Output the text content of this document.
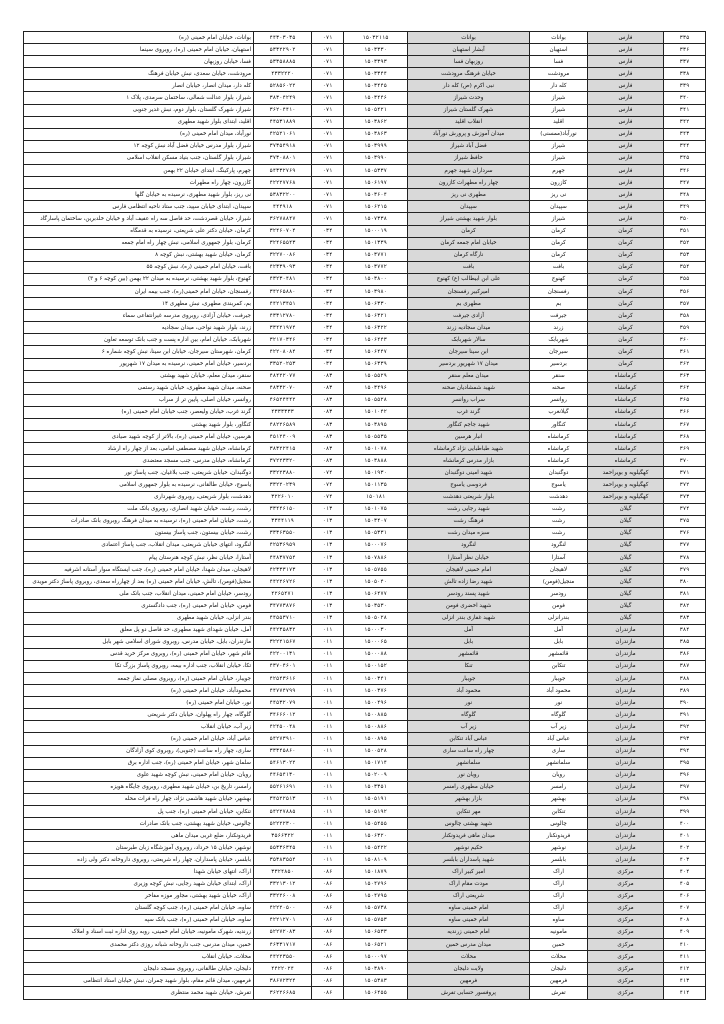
۳۳۵	فارس	بوانات	بوانات	۱۵۰۳۲۱۱۵	۰۷۱	۴۴۳۰۳۰۳۵	بوانات، خیابان امام خمینی (ره)
۳۳۶	فارس	استهبان	آبشار استهبان	۱۵۰۳۳۳۰	۰۷۱	۵۳۳۲۲۹۰۲	استهبان، خیابان امام خمینی (ره)، روبروی سینما
۳۳۷	فارس	فسا	روزبهان فسا	۱۵۰۳۳۹۳	۰۷۱	۵۳۳۵۸۸۸۵	فسا، خیابان روزبهان
۳۳۸	فارس	مرودشت	خیابان فرهنگ مرودشت	۱۵۰۳۳۴۴	۰۷۱	۴۳۳۲۲۲۰	مرودشت، خیابان سعدی، نبش خیابان فرهنگ
۳۳۹	فارس	کله دار	نبی اکرم (ص) کله دار	۱۵۰۳۴۴۵	۰۷۱	۵۲۸۵۶۰۲۲	کله دار، میدان انصار، خیابان انصار
۳۴۰	فارس	شیراز	وحدت شیراز	۱۵۰۳۴۴۶	۰۷۱	۳۸۳۰۴۲۴۹	شیراز، بلوار عدالت شمالی، ساختمان سرمدی، پلاک ۱
۳۴۱	فارس	شیراز	شهرک گلستان شیراز	۱۵۰۵۴۲۱	۰۷۱	۳۶۲۰۴۴۱۰	شیراز، شهرک گلستان، بلوار دوم، نبش غدیر جنوبی
۳۴۲	فارس	اقلید	انقلاب اقلید	۱۵۰۳۸۶۲	۰۷۱	۴۴۵۳۱۸۸۹	اقلید، ابتدای بلوار شهید مطهری
۳۴۳	فارس	نورآباد(ممسنی)	میدان آموزش و پرورش نورآباد	۱۵۰۳۸۶۳	۰۷۱	۴۲۵۲۱۰۶۱	نورآباد، میدان امام خمینی (ره)
۳۴۴	فارس	شیراز	فضل آباد شیراز	۱۵۰۳۹۹۹	۰۷۱	۳۷۳۵۴۹۱۸	شیراز، بلوار مدرس خیابان فضل آباد نبش کوچه ۱۲
۳۴۵	فارس	شیراز	حافظ شیراز	۱۵۰۳۹۹۰	۰۷۱	۳۷۳۰۸۸۰۱	شیراز، بلوار گلستان، جنب بنیاد مسکن انقلاب اسلامی
۳۴۶	فارس	جهرم	سرداران شهید جهرم	۱۵۰۵۳۳۷	۰۷۱	۵۴۳۳۲۷۶۹	جهرم، پارکینگ، ابتدای خیابان ۲۲ بهمن
۳۴۷	فارس	کازرون	چهار راه مطهرات کازرون	۱۵۰۶۱۹۷	۰۷۱	۴۲۲۲۷۷۶۸	کازرون، چهار راه مطهرات
۳۴۸	فارس	نی ریز	مطهری نی ریز	۱۵۰۳۶۰۴	۰۷۱	۵۳۸۳۲۲۰۰	نی ریز، بلوار شهید مطهری، نرسیده به خیابان گلها
۳۴۹	فارس	سپیدان	سپیدان	۱۵۰۶۲۱۵	۰۷۱	۴۴۴۹۱۸	سپیدان، ابتدای خیابان سپید، جنب ستاد ناحیه انتظامی فارس
۳۵۰	فارس	شیراز	بلوار شهید بهشتی شیراز	۱۵۰۷۳۳۸	۰۷۱	۳۶۲۷۸۸۴۷	شیراز، خیابان قصردشت، حد فاصل سه راه عفیف آباد و خیابان خلدبرین، ساختمان پاسارگاد
۳۵۱	کرمان	کرمان	کرمان	۱۵۰۰۰۱۹	۰۳۴	۳۲۴۶۰۷۰۴	کرمان، خیابان دکتر علی شریعتی، نرسیده به قدمگاه
۳۵۲	کرمان	کرمان	خیابان امام جمعه کرمان	۱۵۰۱۳۳۹	۰۳۴	۳۲۴۶۵۵۴۳	کرمان، بلوار جمهوری اسلامی، نبش چهار راه امام جمعه
۳۵۳	کرمان	کرمان	نارگاه کرمان	۱۵۰۳۷۷۱	۰۳۴	۳۲۲۷۰۰۸۶	کرمان، خیابان شهید بهشتی، نبش کوچه ۸
۳۵۴	کرمان	بافت	بافت	۱۵۰۳۷۷۲	۰۳۴	۴۲۳۳۹۰۹۳	بافت، خیابان امام خمینی (ره)، نبش کوچه ۵۵
۳۵۵	کرمان	کهنوج	علی ابن ابیطالب (ع) کهنوج	۱۵۰۳۸۰۰	۰۳۴	۴۳۲۳۰۴۸۱	کهنوج، بلوار شهید بهشتی، نرسیده به میدان ۲۲ بهمن (بین کوچه ۶ و ۳)
۳۵۶	کرمان	رفسنجان	امیرکبیر رفسنجان	۱۵۰۳۹۸۰	۰۳۴	۳۴۲۶۵۸۸۰	رفسنجان، خیابان امام خمینی(ره)، جنب بیمه ایران
۳۵۷	کرمان	بم	مطهری بم	۱۵۰۶۳۳۰	۰۳۴	۴۴۲۱۳۴۵۱	بم، کمربندی مطهری، نبش مطهری ۱۴
۳۵۸	کرمان	جیرفت	آزادی جیرفت	۱۵۰۶۳۲۱	۰۳۴	۴۳۳۱۲۷۸۰	جیرفت، خیابان آزادی، روبروی مدرسه غیرانتفاعی سماء
۳۵۹	کرمان	زرند	میدان سجادیه زرند	۱۵۰۶۳۲۲	۰۳۴	۳۳۴۲۱۹۷۴	زرند، بلوار شهید نواحی، میدان سجادیه
۳۶۰	کرمان	شهربابک	سالار شهربابک	۱۵۰۶۴۴۳	۰۳۴	۳۲۱۷۰۳۴۶	شهربابک، خیابان امام، بین اداره پست و جنب بانک توسعه تعاون
۳۶۱	کرمان	سیرجان	ابن سینا سیرجان	۱۵۰۶۴۴۷	۰۳۴	۴۲۲۰۸۰۸۴	کرمان، شهرستان سیرجان، خیابان ابن سینا، نبش کوچه شماره ۶
۳۶۲	کرمان	بردسیر	میدان ۱۷ شهریور بردسیر	۱۵۰۶۳۳۹	۰۳۴	۳۳۵۲۰۲۵۳	بردسیر، خیابان امام خمینی، نرسیده به میدان ۱۷ شهریور
۳۶۳	کرمانشاه	سنقر	میدان معلم سنقر	۱۵۰۵۵۲۹	۰۸۳	۴۸۴۲۲۰۷۷	سنقر، میدان معلم، خیابان شهید بهشتی
۳۶۴	کرمانشاه	صحنه	شهید شمشادیان صحنه	۱۵۰۳۴۹۶	۰۸۳	۴۸۳۳۲۰۷۰	صحنه، میدان شهید مطهری، خیابان شهید رستمی
۳۶۵	کرمانشاه	روانسر	سراب روانسر	۱۵۰۵۵۲۸	۰۸۳	۴۶۵۲۴۴۴۲	روانسر، خیابان اصلی، پایین تر از سراب
۳۶۶	کرمانشاه	گیلانغرب	گرند غرب	۱۵۰۱۰۴۲	۰۸۳	۴۳۳۳۳۳۳	گرند غرب، خیابان ولیعصر، جنب خیابان امام خمینی (ره)
۳۶۷	کرمانشاه	کنگاور	شهید جاجم کنگاور	۱۵۰۳۸۹۵	۰۸۳	۴۸۲۲۶۵۸۹	کنگاور، بلوار شهید بهشتی
۳۶۸	کرمانشاه	کرمانشاه	انبار هرسین	۱۵۰۵۵۳۵	۰۸۳	۴۵۱۲۴۰۰۹	هرسین، خیابان امام خمینی (ره)، بالاتر از کوچه شهید صیادی
۳۶۹	کرمانشاه	کرمانشاه	شهید طباطبایی نژاد کرمانشاه	۱۵۰۱۰۷۸	۰۸۳	۳۸۳۲۲۴۱۵	کرمانشاه، خیابان شهید مصطفی امامی، بعد از چهار راه ارشاد
۳۷۰	کرمانشاه	کرمانشاه	بازار مدرس کرمانشاه	۱۵۰۳۸۸۸	۰۸۳	۳۷۲۲۳۳۲۰	کرمانشاه، خیابان مدرس، جنب مسجد معتضدی
۳۷۱	کهگیلویه و بویراحمد	دوگنبدان	شهید امینی دوگنبدان	۱۵۰۱۹۳۰	۰۷۴	۳۳۲۲۳۸۸۰	دوگنبدان، خیابان شریعتی، جنب بلاغیان، جنب پاساژ نور
۳۷۲	کهگیلویه و بویراحمد	یاسوج	فردوسی یاسوج	۱۵۰۱۱۳۵	۰۷۴	۳۳۲۲۰۲۳۹	یاسوج، خیابان طالقانی، نرسیده به بلوار جمهوری اسلامی
۳۷۳	کهگیلویه و بویراحمد	دهدشت	بلوار شریعتی دهدشت	۱۵۰۱۸۱	۰۷۴	۳۲۲۶۰۱۰	دهدشت، بلوار شریعتی، روبروی شهرداری
۳۷۴	گیلان	رشت	شهید رجایی رشت	۱۵۰۱۰۷۵	۰۱۳	۳۳۴۴۶۱۵۰	رشت، رشت، خیابان شهید انصاری، روبروی بانک ملت
۳۷۵	گیلان	رشت	فرهنگ رشت	۱۵۰۳۴۰۷	۰۱۳	۳۳۴۴۱۱۹	رشت، خیابان امام خمینی (ره)، نرسیده به میدان فرهنگ روبروی بانک صادرات
۳۷۶	گیلان	رشت	سبزه میدان رشت	۱۵۰۵۳۳۱	۰۱۳	۳۳۳۶۳۵۵۰	رشت، خیابان بیستون، جنب پاساژ بیستون
۳۷۷	گیلان	لنگرود	لنگرود	۱۵۰۰۰۷۶	۰۱۳	۴۲۵۳۶۹۵۹	لنگرود، انتهای خیابان شریعتی، میدان انقلاب، جنب پاساژ اعتمادی
۳۷۸	گیلان	آستارا	خیابان نظر آستارا	۱۵۰۷۸۸۶	۰۱۳	۴۴۸۳۷۷۵۴	آستارا، خیابان نظر، نبش کوچه هنرستان پیام
۳۷۹	گیلان	لاهیجان	امام خمینی لاهیجان	۱۵۰۵۷۵۵	۰۱۳	۴۲۳۳۳۱۷۳	لاهیجان، میدان شهدا، خیابان امام خمینی (ره)، جنب ایستگاه سوار آستانه اشرفیه
۳۸۰	گیلان	منجیل(فومن)	شهید رضا زاده تالش	۱۵۰۵۰۴۰	۰۱۳	۴۴۲۲۶۷۲۶	منجیل(فومن)، تالش، خیابان امام خمینی (ره) بعد از چهارراه سعدی، روبروی پاساژ دکتر مویدی
۳۸۱	گیلان	رودسر	شهید پسند رودسر	۱۵۰۶۴۷۷	۰۱۳	۴۲۶۵۴۷۱	رودسر، خیابان امام خمینی، میدان انقلاب، جنب بانک ملی
۳۸۲	گیلان	فومن	شهید اخضری فومن	۱۵۰۳۵۳۰	۰۱۳	۳۴۷۷۳۸۷۶	فومن، خیابان امام خمینی (ره)، جنب دادگستری
۳۸۳	گیلان	بندرانزلی	شهید غفاری بندر انزلی	۱۵۰۵۰۲۸	۰۱۳	۴۴۵۵۳۷۱۰	بندر انزلی، خیابان شهید مطهری
۳۸۴	مازندران	آمل	آمل	۱۵۰۰۰۳۰	۰۱۱	۴۴۲۳۵۸۳۲	آمل، خیابان شهدای شهید مطهری، حد فاصل دو پل معلق
۳۸۵	مازندران	بابل	بابل	۱۵۰۰۰۶۵	۰۱۱	۳۲۲۲۱۵۶۷	مازندران، بابل، خیابان مدرس، روبروی شورای اسلامی شهر بابل
۳۸۶	مازندران	قائمشهر	قائمشهر	۱۵۰۰۰۸۸	۰۱۱	۴۲۲۰۰۱۳۱	قائم شهر، خیابان امام خمینی (ره)، روبروی مرکز خرید قدس
۳۸۷	مازندران	تنکابن	تنکا	۱۵۰۰۱۵۲	۰۱۱	۴۳۷۰۴۶۰۱	تکا، خیابان انقلاب، جنب اداره بیمه، روبروی پاساژ بزرگ تکا
۳۸۸	مازندران	جویبار	جویبار	۱۵۰۰۳۴۱	۰۱۱	۴۲۵۴۳۶۱۶	جویبار، خیابان امام خمینی (ره)، روبروی مصلی نماز جمعه
۳۸۹	مازندران	محمود آباد	محمود آباد	۱۵۰۰۳۷۶	۰۱۱	۴۴۷۷۴۷۹۹	محمودآباد، خیابان امام خمینی (ره)
۳۹۰	مازندران	نور	نور	۱۵۰۰۴۹۶	۰۱۱	۴۴۵۳۲۰۷۹	نور، خیابان امام خمینی (ره)
۳۹۱	مازندران	گلوگاه	گلوگاه	۱۵۰۰۸۸۵	۰۱۱	۳۴۶۶۶۰۱۲	گلوگاه، چهار راه پهلوان، خیابان دکتر شریعتی
۳۹۲	مازندران	زیر آب	زیر آب	۱۵۰۰۸۸۶	۰۱۱	۴۲۴۵۰۰۴۸	زیر آب، خیابان انقلاب
۳۹۳	مازندران	عباس آباد	عباس آباد تنکابن	۱۵۰۰۸۹۵	۰۱۱	۵۴۲۷۳۹۱۰	عباس آباد، خیابان امام خمینی (ره)
۳۹۴	مازندران	ساری	چهار راه ساعت ساری	۱۵۰۰۵۲۸	۰۱۱	۳۳۳۴۵۸۶۰	ساری، چهار راه ساعت (جنوبی)، روبروی کوی آزادگان
۳۹۵	مازندران	سلمانشهر	سلمانشهر	۱۵۰۱۷۱۴	۰۱۱	۵۴۶۱۳۰۲۲	سلمان شهر، خیابان امام خمینی (ره)، جنب اداره برق
۳۹۶	مازندران	رویان	رویان نور	۱۵۰۲۰۰۹	۰۱۱	۴۴۶۵۴۱۳۰	رویان، خیابان امام خمینی، نبش کوچه شهید علوی
۳۹۷	مازندران	رامسر	خیابان مطهری رامسر	۱۵۰۳۳۵۱	۰۱۱	۵۵۲۶۱۶۹۱	رامسر، تاریخ بن، خیابان شهید مطهری، روبروی جایگاه هویزه
۳۹۸	مازندران	بهشهر	بازار بهشهر	۱۵۰۵۱۹۱	۰۱۱	۳۴۵۲۲۵۱۳	بهشهر، خیابان شهید هاشمی نژاد، چهار راه فرات محله
۳۹۹	مازندران	تنکابن	مهر تنکابن	۱۵۰۵۱۹۲	۰۱۱	۵۴۲۲۷۸۸۵	تنکابن، خیابان امام خمینی (ره)، جنب پل
۴۰۰	مازندران	چالوس	شهید بهشتی چالوس	۱۵۰۵۴۵۵	۰۱۱	۵۲۲۲۲۳۰۰	چالوس، خیابان شهید بهشتی، جنب بانک صادرات
۴۰۱	مازندران	فریدونکنار	میدان ماهی فریدونکنار	۱۵۰۶۳۲۰	۰۱۱	۳۵۶۶۳۲۲	فریدونکنار، ضلع غربی میدان ماهی
۴۰۲	مازندران	نوشهر	حکیم نوشهر	۱۵۰۵۴۲۲	۰۱۱	۵۵۳۳۶۳۴۵	نوشهر، خیابان ۱۵ خرداد، روبروی آموزشگاه زبان طبرستان
۴۰۳	مازندران	بابلسر	شهید پاسداران بابلسر	۱۵۰۸۱۰۹	۰۱۱	۳۵۳۸۳۵۵۴	بابلسر، خیابان پاسداران، چهار راه شریعتی، روبروی داروخانه دکتر ولی زاده
۴۰۴	مرکزی	اراک	امیر کبیر اراک	۱۵۰۱۸۷۹	۰۸۶	۳۳۲۴۸۵۰	اراک، انتهای خیابان شهدا
۴۰۵	مرکزی	اراک	مودت مقام اراک	۱۵۰۴۷۹۶	۰۸۶	۳۳۲۱۳۰۱۲	اراک، ابتدای خیابان شهید رجایی، نبش کوچه وزیری
۴۰۶	مرکزی	اراک	شریعتی اراک	۱۵۰۴۷۹۵	۰۸۶	۳۳۲۲۶۰۰۸	اراک، خیابان شهید بهشتی، مجاور موزه مفاخر
۴۰۷	مرکزی	اراک	امام خمینی ساوه	۱۵۰۵۷۳۸	۰۸۶	۴۲۲۲۰۵۰۰	ساوه، خیابان امام خمینی (ره)، جنب کوچه گلستان
۴۰۸	مرکزی	ساوه	امام خمینی ساوه	۱۵۰۵۷۵۳	۰۸۶	۴۲۲۱۲۷۰۱	ساوه، خیابان امام خمینی (ره)، جنب بانک سپه
۴۰۹	مرکزی	مامونیه	امام خمینی زرندیه	۱۵۰۶۵۳۳	۰۸۶	۵۲۲۷۲۰۸۳	زرندیه، شهرک مامونیه، خیابان امام خمینی، روبه روی اداره ثبت اسناد و املاک
۴۱۰	مرکزی	خمین	میدان مدرس خمین	۱۵۰۶۵۲۱	۰۸۶	۴۶۳۳۱۷۱۷	خمین، میدان مدرس، جنب داروخانه شبانه روزی دکتر محمدی
۴۱۱	مرکزی	محلات	محلات	۱۵۰۰۰۹۷	۰۸۶	۴۴۲۲۳۵۵۰	محلات، خیابان انقلاب
۴۱۲	مرکزی	دلیجان	ولایت دلیجان	۱۵۰۳۸۹۰	۰۸۶	۴۴۲۲۰۲۴	دلیجان، خیابان طالقانی، روبروی مسجد دلیجان
۴۱۳	مرکزی	فرمهین	فرمهین	۱۵۰۵۳۸۳	۰۸۶	۳۸۶۷۲۳۲۴	فرمهین، میدان قائم مقام، بلوار شهید چمران، نبش خیابان استاد انتظامی
۴۱۴	مرکزی	تفرش	پروفسور حسابی تفرش	۱۵۰۶۴۵۵	۰۸۶	۳۶۲۲۶۶۸۵	تفرش، خیابان شهید محمد منتظری
